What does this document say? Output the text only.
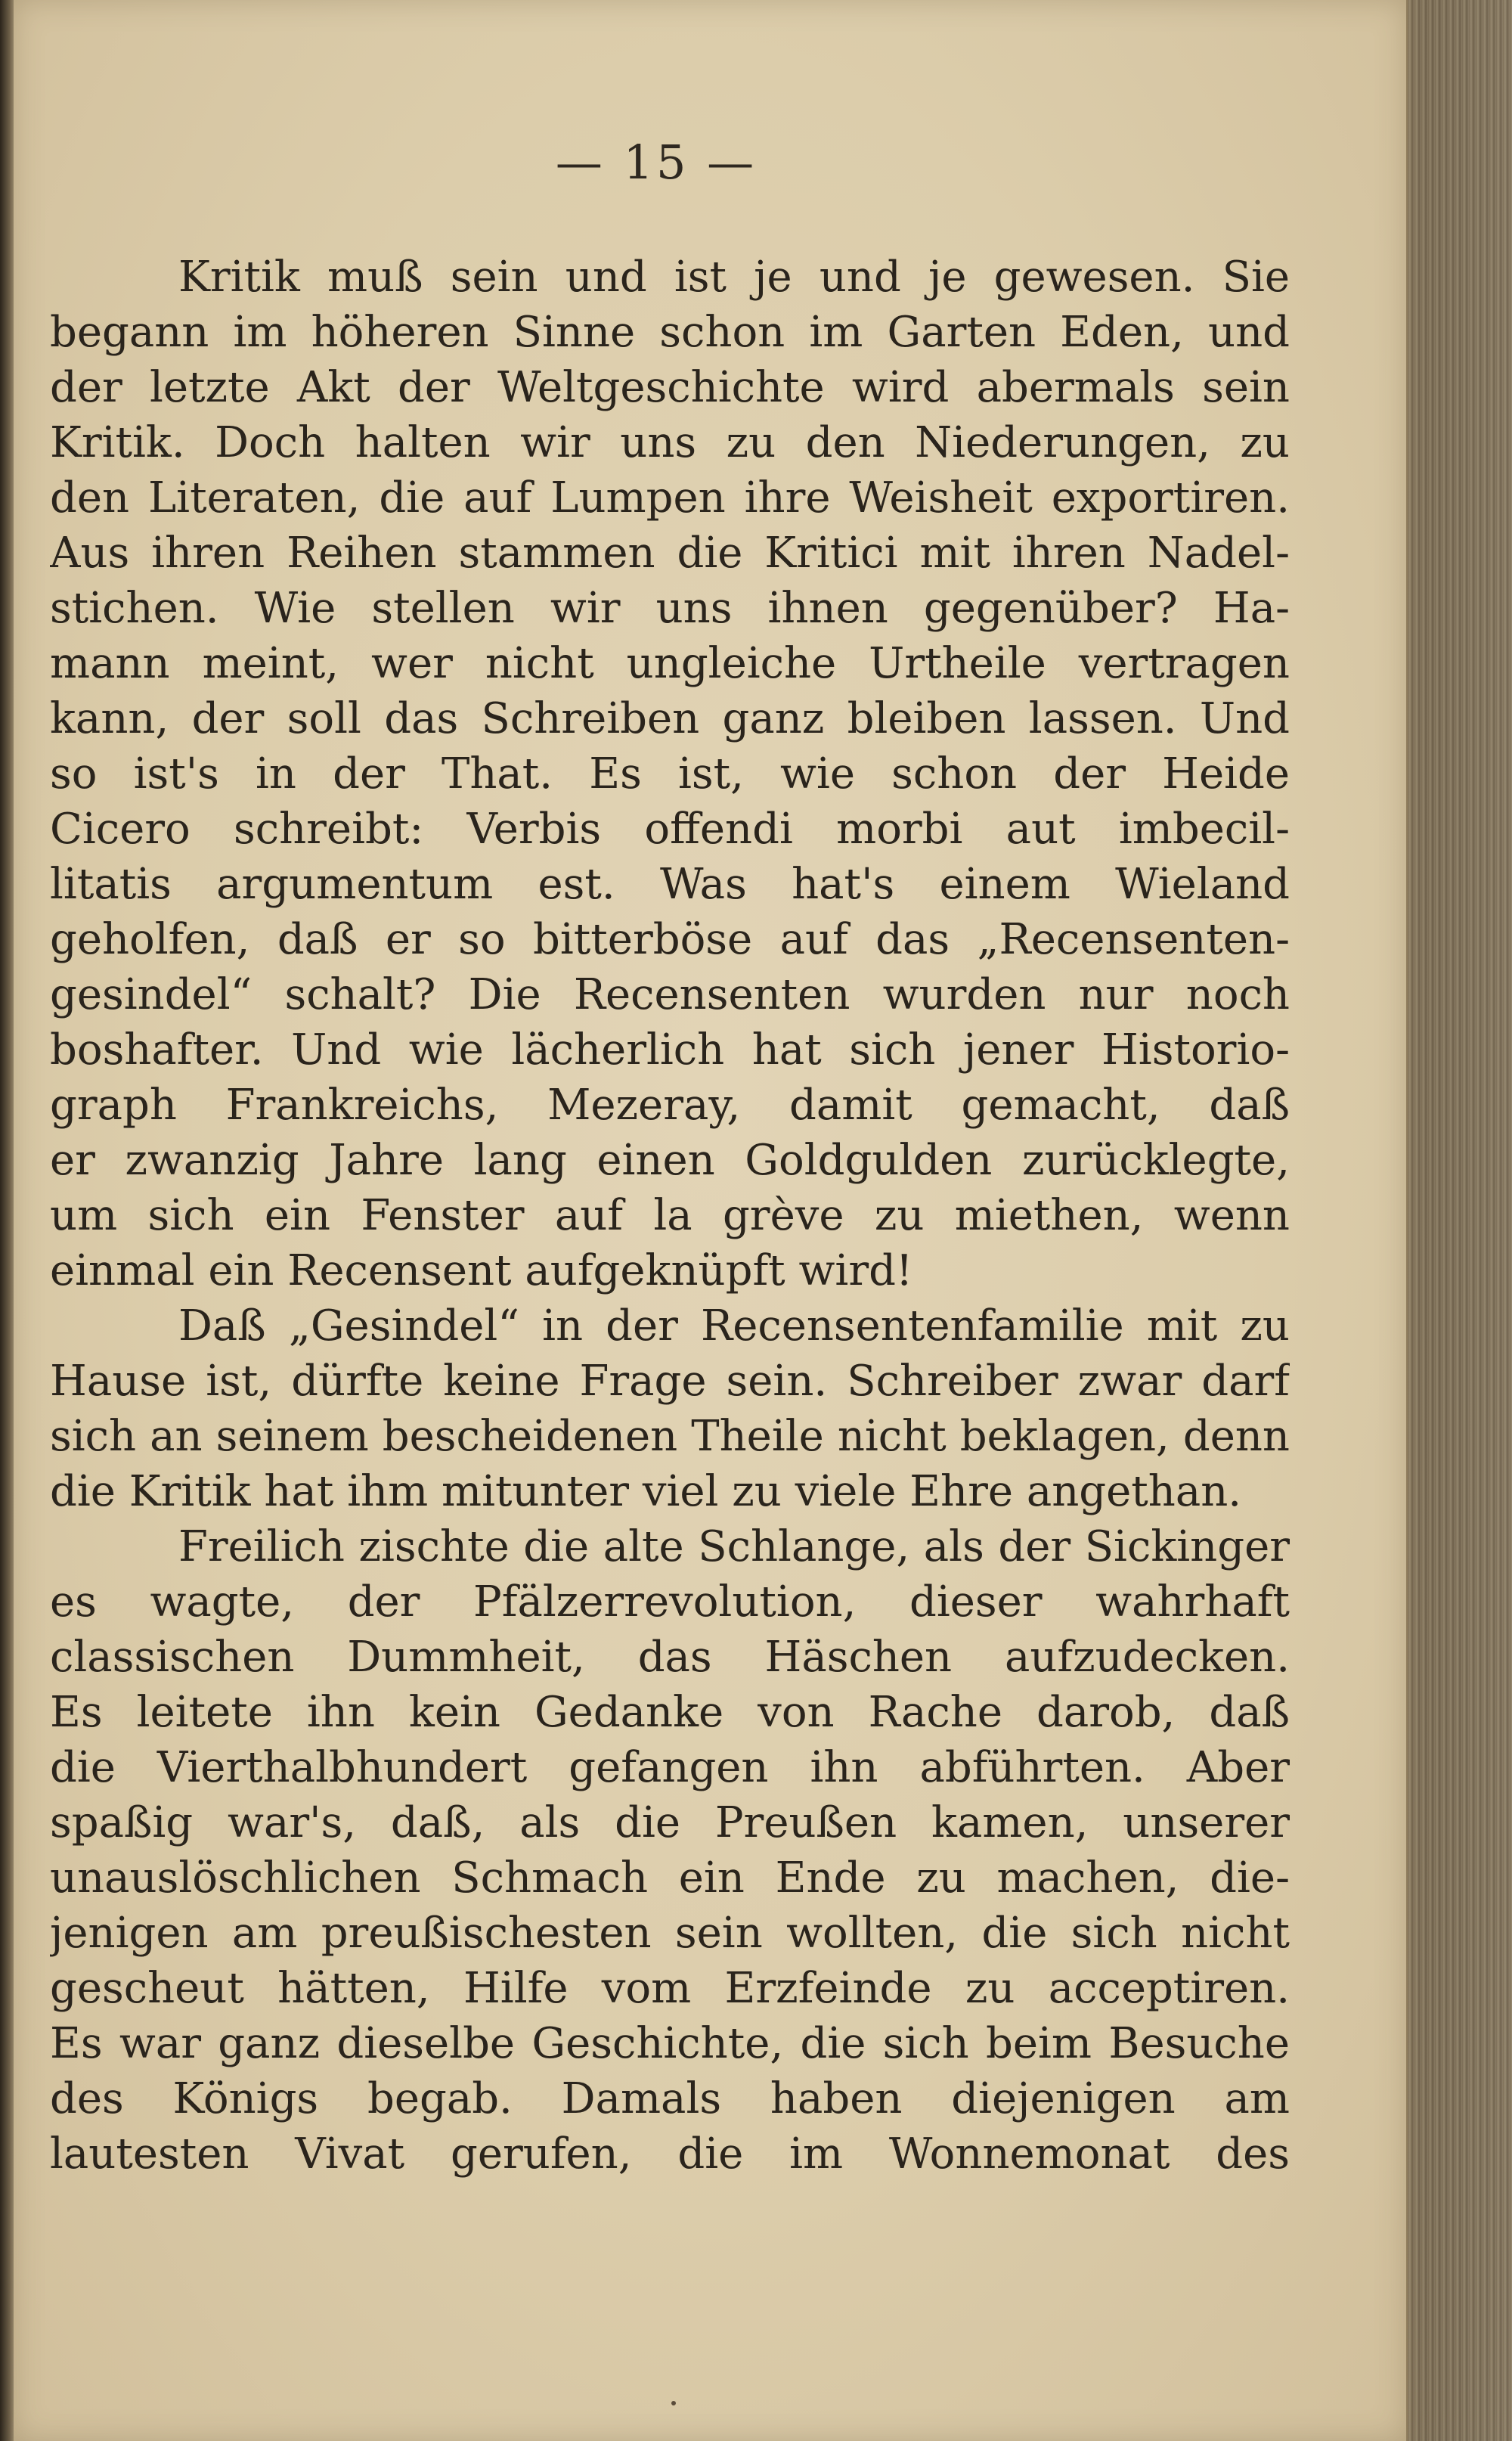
— 15 —
Kritik muß sein und ist je und je gewesen. Sie
begann im höheren Sinne schon im Garten Eden, und
der letzte Akt der Weltgeschichte wird abermals sein
Kritik. Doch halten wir uns zu den Niederungen, zu
den Literaten, die auf Lumpen ihre Weisheit exportiren.
Aus ihren Reihen stammen die Kritici mit ihren Nadel-
stichen. Wie stellen wir uns ihnen gegenüber? Ha-
mann meint, wer nicht ungleiche Urtheile vertragen
kann, der soll das Schreiben ganz bleiben lassen. Und
so ist's in der That. Es ist, wie schon der Heide
Cicero schreibt: Verbis offendi morbi aut imbecil-
litatis argumentum est. Was hat's einem Wieland
geholfen, daß er so bitterböse auf das „Recensenten-
gesindel“ schalt? Die Recensenten wurden nur noch
boshafter. Und wie lächerlich hat sich jener Historio-
graph Frankreichs, Mezeray, damit gemacht, daß
er zwanzig Jahre lang einen Goldgulden zurücklegte,
um sich ein Fenster auf la grève zu miethen, wenn
einmal ein Recensent aufgeknüpft wird!
Daß „Gesindel“ in der Recensentenfamilie mit zu
Hause ist, dürfte keine Frage sein. Schreiber zwar darf
sich an seinem bescheidenen Theile nicht beklagen, denn
die Kritik hat ihm mitunter viel zu viele Ehre angethan.
Freilich zischte die alte Schlange, als der Sickinger
es wagte, der Pfälzerrevolution, dieser wahrhaft
classischen Dummheit, das Häschen aufzudecken.
Es leitete ihn kein Gedanke von Rache darob, daß
die Vierthalbhundert gefangen ihn abführten. Aber
spaßig war's, daß, als die Preußen kamen, unserer
unauslöschlichen Schmach ein Ende zu machen, die-
jenigen am preußischesten sein wollten, die sich nicht
gescheut hätten, Hilfe vom Erzfeinde zu acceptiren.
Es war ganz dieselbe Geschichte, die sich beim Besuche
des Königs begab. Damals haben diejenigen am
lautesten Vivat gerufen, die im Wonnemonat des
